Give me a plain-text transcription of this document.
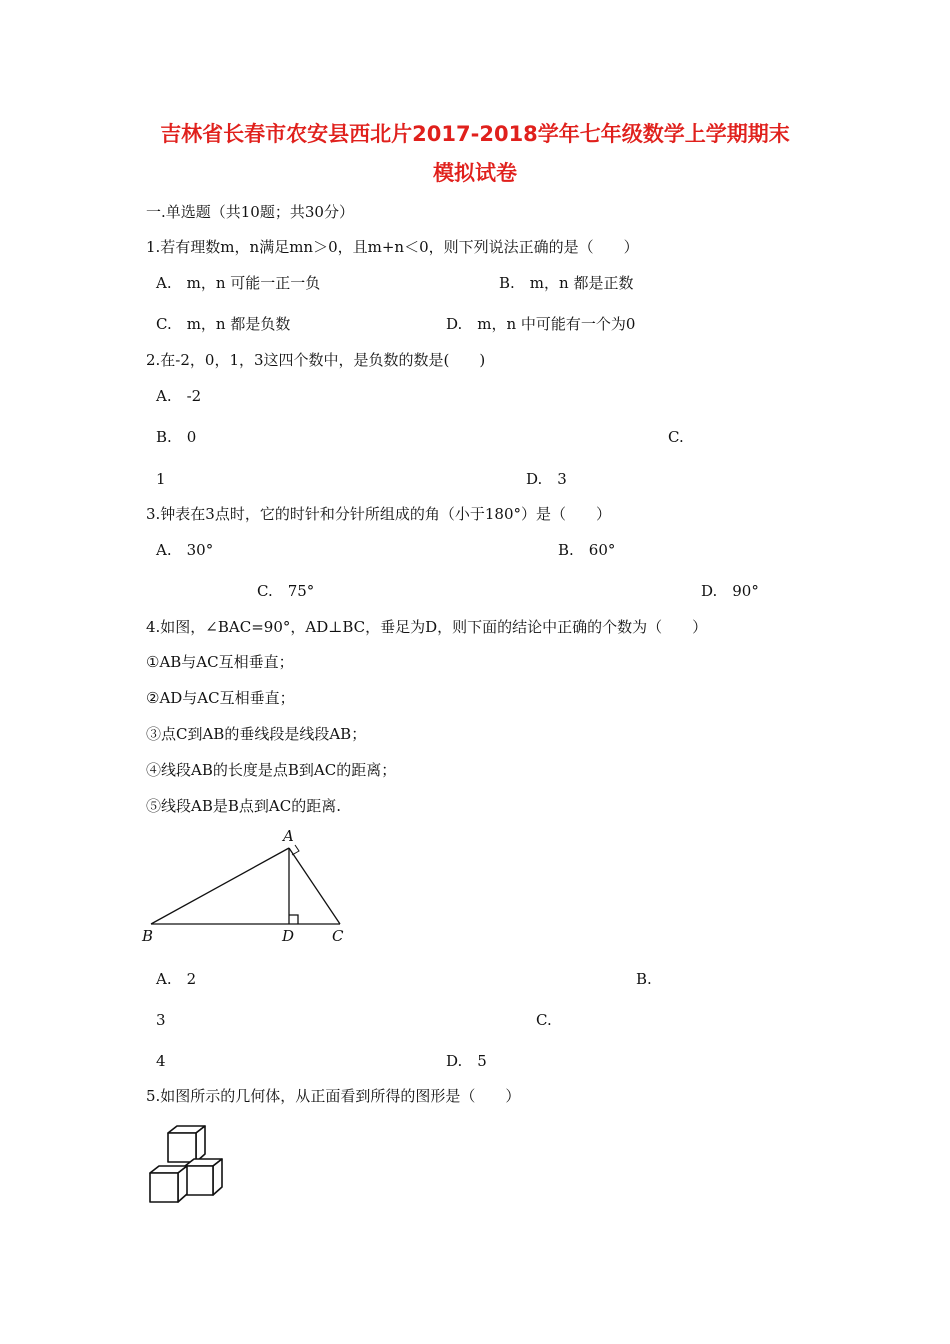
吉林省长春市农安县西北片2017-2018学年七年级数学上学期期末
模拟试卷
一.单选题（共10题；共30分）
1.若有理数m，n满足mn＞0，且m+n＜0，则下列说法正确的是（　　）
A.　m，n 可能一正一负	B.　m，n 都是正数
C.　m，n 都是负数	D.　m，n 中可能有一个为0
2.在-2，0，1，3这四个数中，是负数的数是(　　)
A.　-2
B.　0	C.
1	D.　3
3.钟表在3点时，它的时针和分针所组成的角（小于180°）是（　　）
A.　30°	B.　60°
C.　75°	D.　90°
4.如图，∠BAC=90°，AD⊥BC，垂足为D，则下面的结论中正确的个数为（　　）
①AB与AC互相垂直；
②AD与AC互相垂直；
③点C到AB的垂线段是线段AB；
④线段AB的长度是点B到AC的距离；
⑤线段AB是B点到AC的距离.
A
B	D	C
A.　2	B.
3	C.
4	D.　5
5.如图所示的几何体，从正面看到所得的图形是（　　）
